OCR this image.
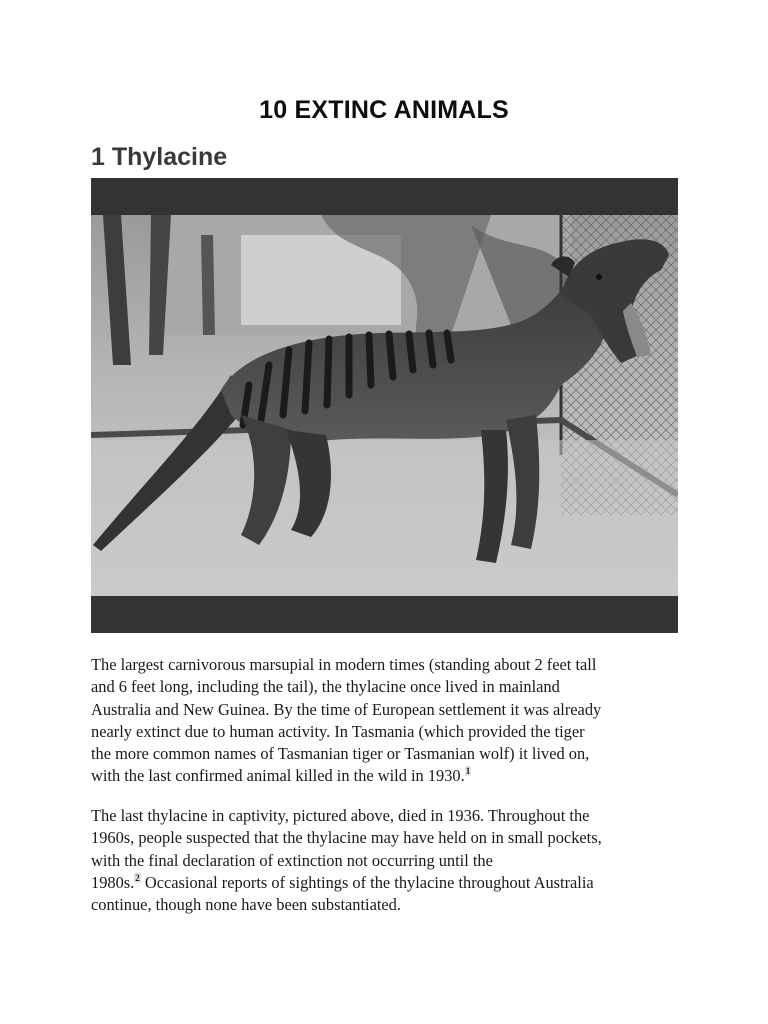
10 EXTINC ANIMALS
1 Thylacine

The largest carnivorous marsupial in modern times (standing about 2 feet tall
and 6 feet long, including the tail), the thylacine once lived in mainland
Australia and New Guinea. By the time of European settlement it was already
nearly extinct due to human activity. In Tasmania (which provided the tiger
the more common names of Tasmanian tiger or Tasmanian wolf) it lived on,
with the last confirmed animal killed in the wild in 1930.$^1$

The last thylacine in captivity, pictured above, died in 1936. Throughout the
1960s, people suspected that the thylacine may have held on in small pockets,
with the final declaration of extinction not occurring until the
1980s.$^2$ Occasional reports of sightings of the thylacine throughout Australia
continue, though none have been substantiated.
